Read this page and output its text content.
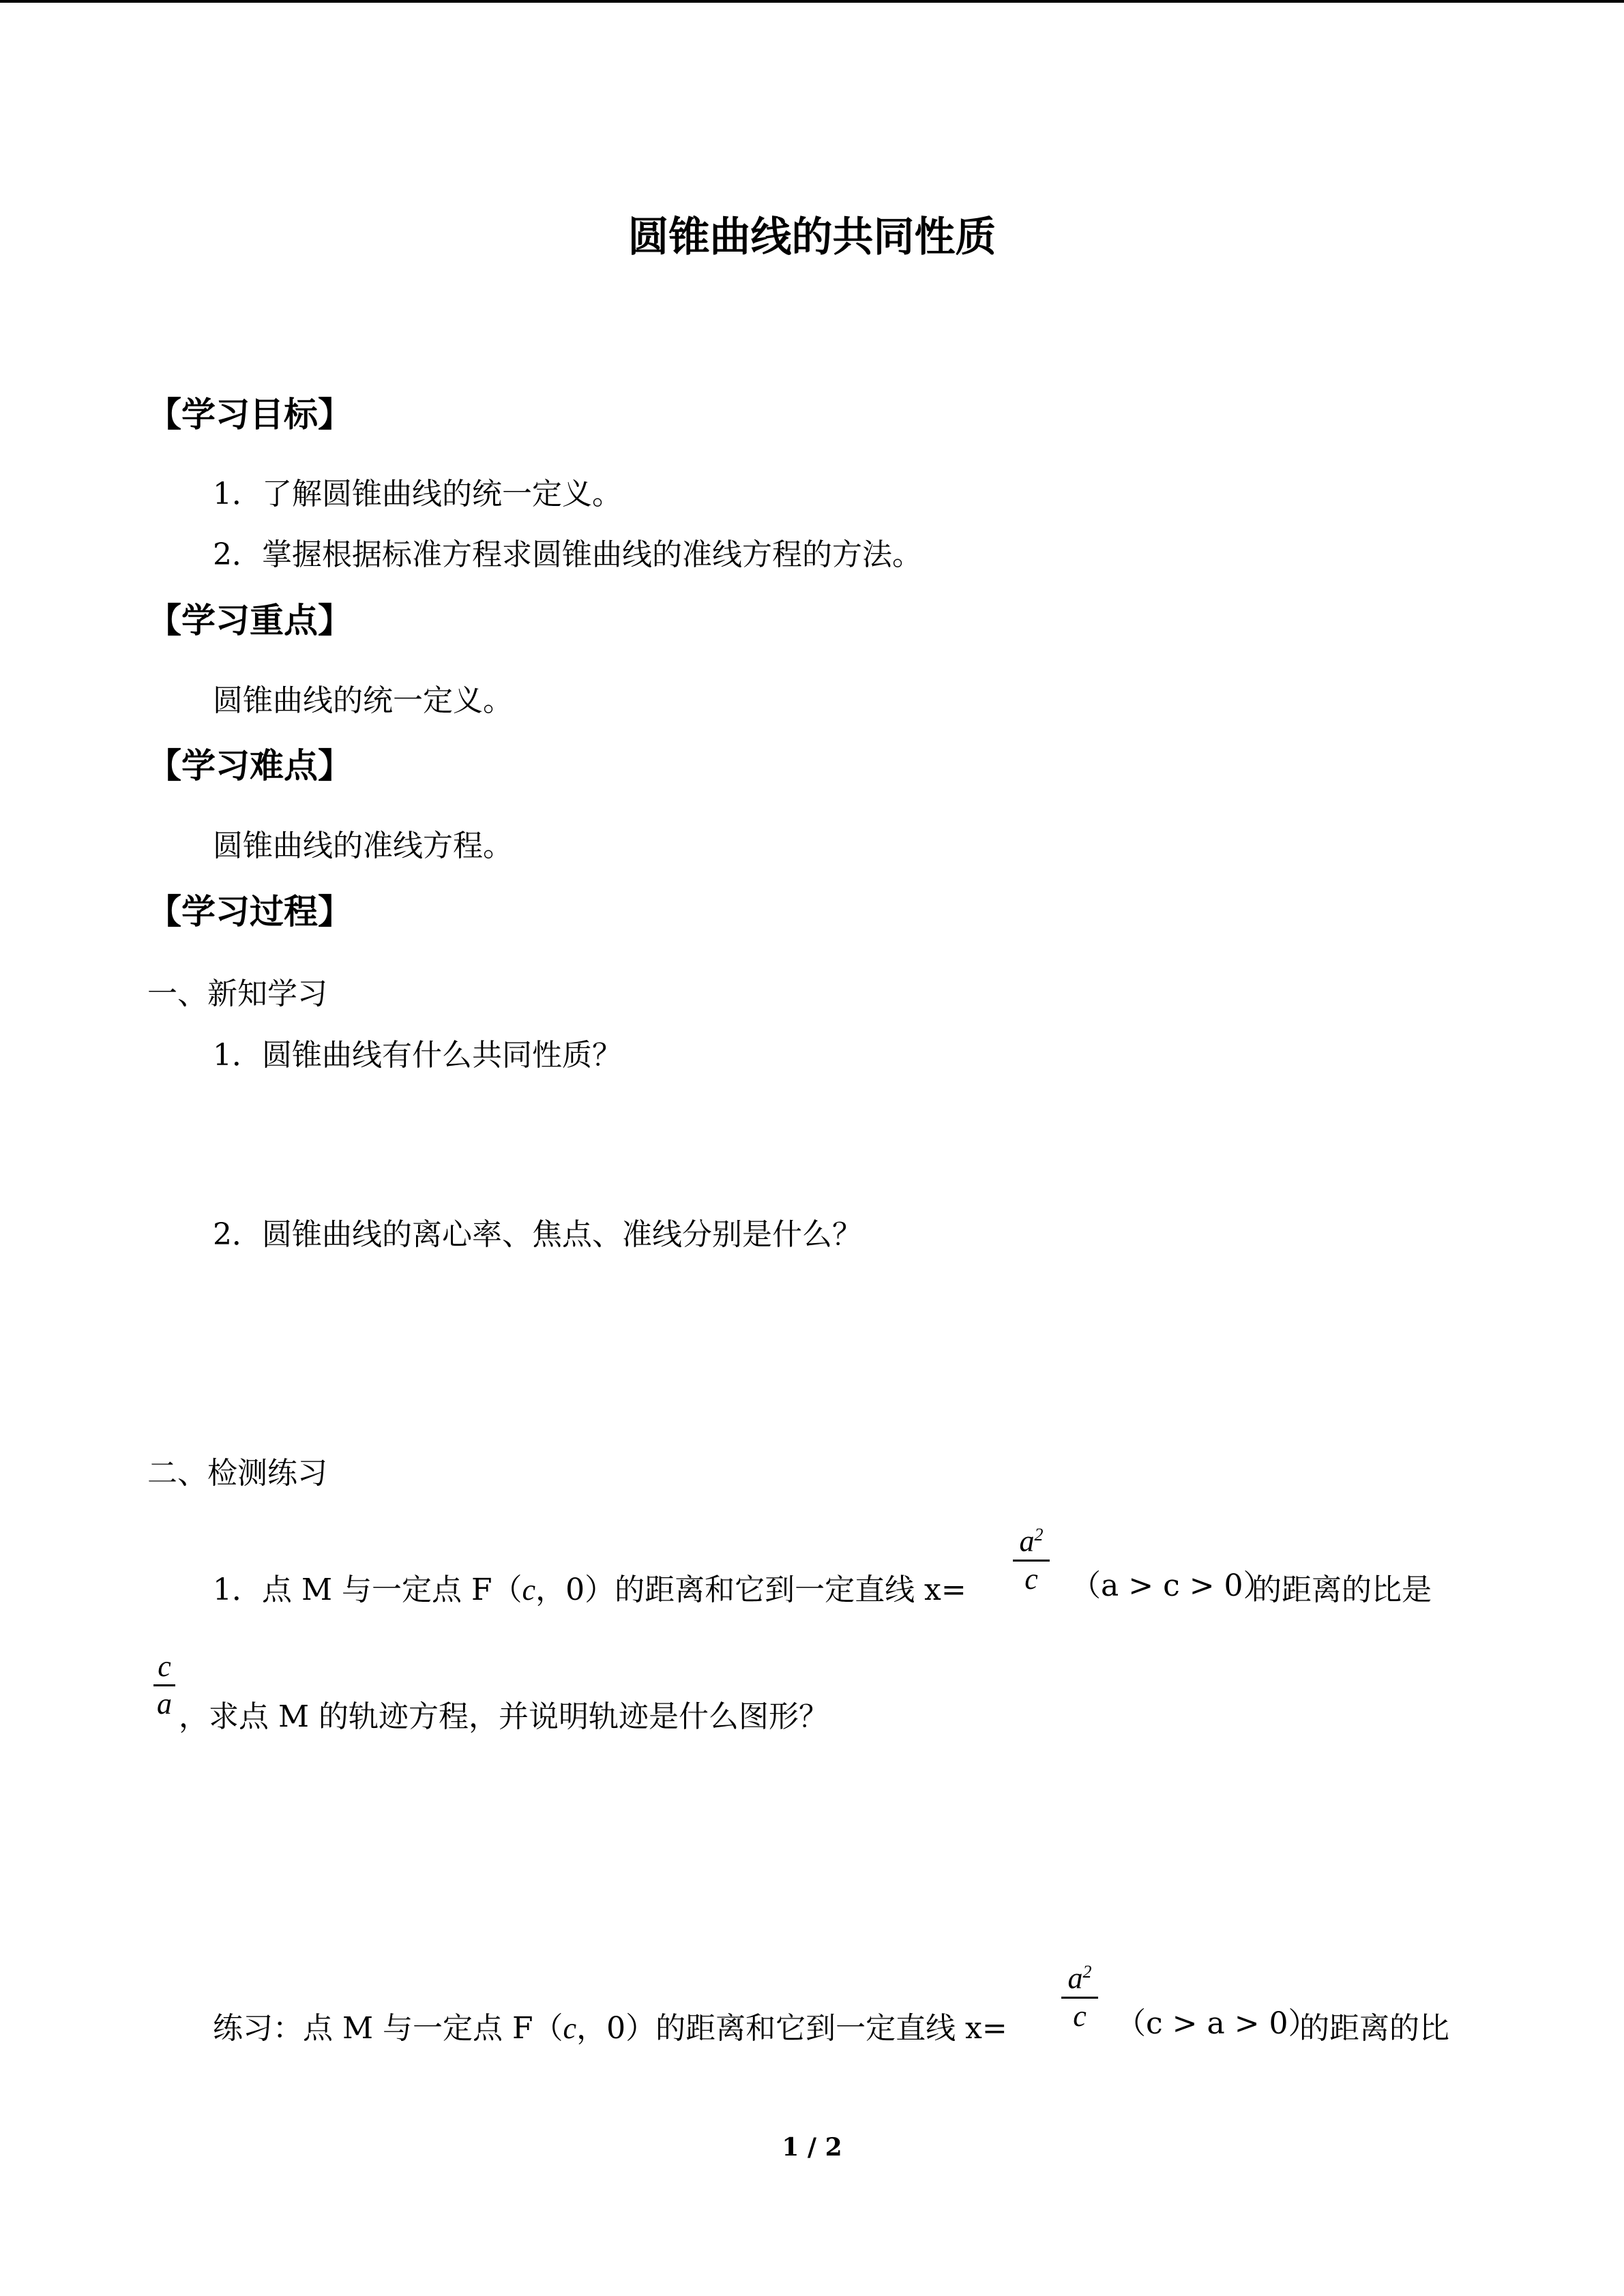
圆锥曲线的共同性质
【学习目标】
1．了解圆锥曲线的统一定义。
2．掌握根据标准方程求圆锥曲线的准线方程的方法。
【学习重点】
圆锥曲线的统一定义。
【学习难点】
圆锥曲线的准线方程。
【学习过程】
一、新知学习
1．圆锥曲线有什么共同性质？
2．圆锥曲线的离心率、焦点、准线分别是什么？
二、检测练习
1．点 M 与一定点 F（c，0）的距离和它到一定直线 x=
$a^2$
c	（a > c > 0）
的距离的比是
c
a ，求点 M 的轨迹方程，并说明轨迹是什么图形？
练习：点 M 与一定点 F（c，0）的距离和它到一定直线 x=
$a^2$
c （c > a > 0）
的距离的比
1 / 2
